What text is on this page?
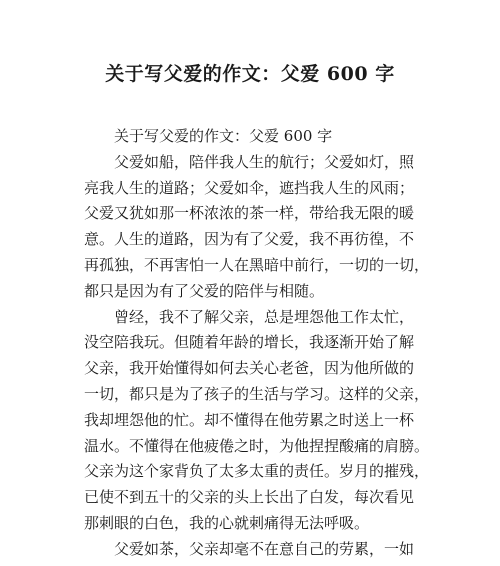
关于写父爱的作文：父爱 600 字

关于写父爱的作文：父爱 600 字

父爱如船，陪伴我人生的航行；父爱如灯，照
亮我人生的道路；父爱如伞，遮挡我人生的风雨；
父爱又犹如那一杯浓浓的茶一样，带给我无限的暖
意。人生的道路，因为有了父爱，我不再彷徨，不
再孤独，不再害怕一人在黑暗中前行，一切的一切，
都只是因为有了父爱的陪伴与相随。

曾经，我不了解父亲，总是埋怨他工作太忙，
没空陪我玩。但随着年龄的增长，我逐渐开始了解
父亲，我开始懂得如何去关心老爸，因为他所做的
一切，都只是为了孩子的生活与学习。这样的父亲，
我却埋怨他的忙。却不懂得在他劳累之时送上一杯
温水。不懂得在他疲倦之时，为他捏捏酸痛的肩膀。
父亲为这个家背负了太多太重的责任。岁月的摧残，
已使不到五十的父亲的头上长出了白发，每次看见
那刺眼的白色，我的心就刺痛得无法呼吸。

父爱如茶，父亲却毫不在意自己的劳累，一如
